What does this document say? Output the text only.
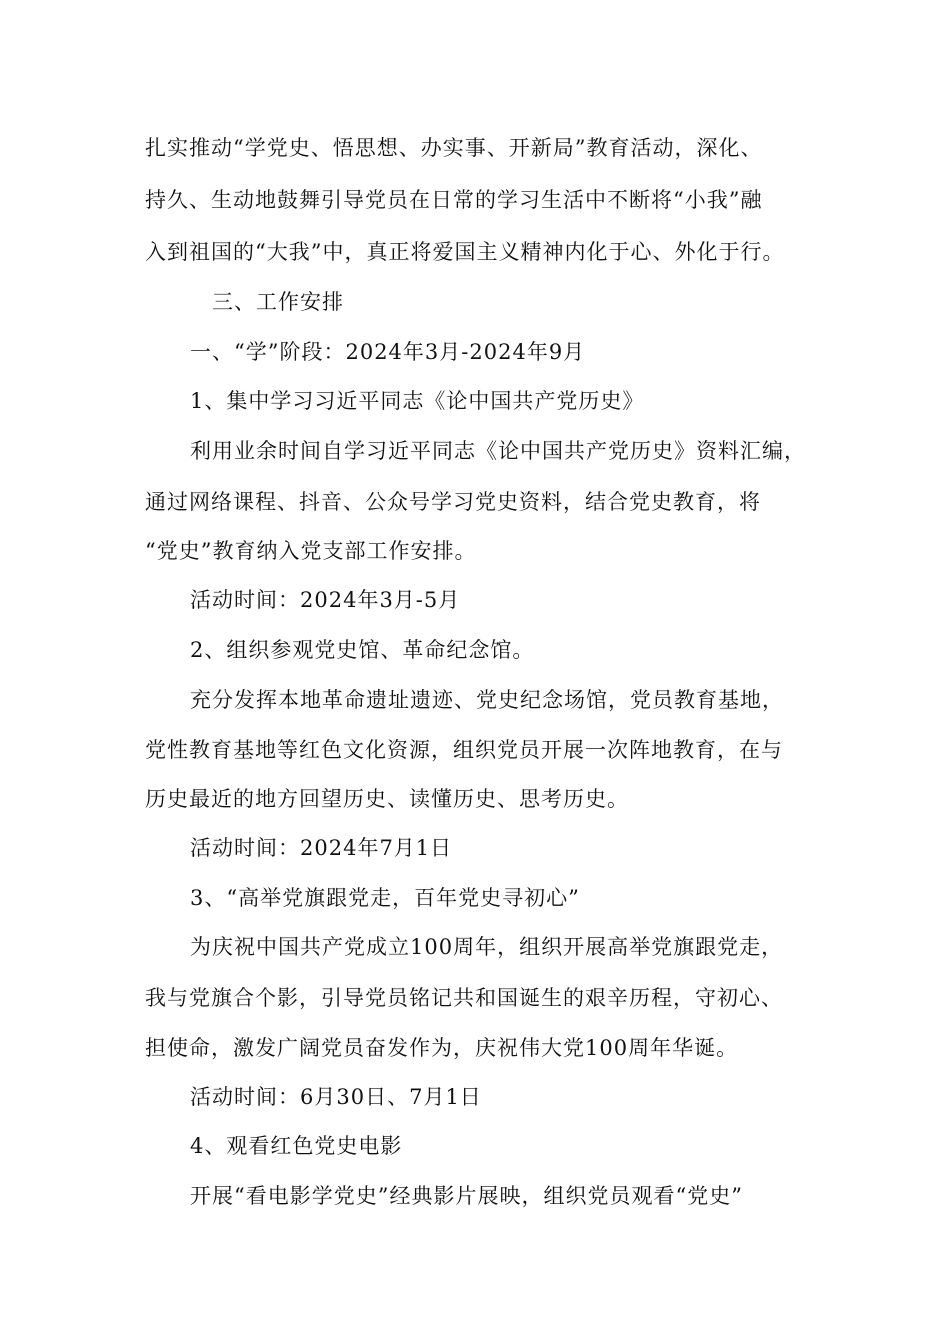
扎实推动“学党史、悟思想、办实事、开新局”教育活动，深化、
持久、生动地鼓舞引导党员在日常的学习生活中不断将“小我”融
入到祖国的“大我”中，真正将爱国主义精神内化于心、外化于行。
三、工作安排
一、“学”阶段：2024年3月-2024年9月
1、集中学习习近平同志《论中国共产党历史》
利用业余时间自学习近平同志《论中国共产党历史》资料汇编，
通过网络课程、抖音、公众号学习党史资料，结合党史教育，将
“党史”教育纳入党支部工作安排。
活动时间：2024年3月-5月
2、组织参观党史馆、革命纪念馆。
充分发挥本地革命遗址遗迹、党史纪念场馆，党员教育基地，
党性教育基地等红色文化资源，组织党员开展一次阵地教育，在与
历史最近的地方回望历史、读懂历史、思考历史。
活动时间：2024年7月1日
3、“高举党旗跟党走，百年党史寻初心”
为庆祝中国共产党成立100周年，组织开展高举党旗跟党走，
我与党旗合个影，引导党员铭记共和国诞生的艰辛历程，守初心、
担使命，激发广阔党员奋发作为，庆祝伟大党100周年华诞。
活动时间：6月30日、7月1日
4、观看红色党史电影
开展“看电影学党史”经典影片展映，组织党员观看“党史”
